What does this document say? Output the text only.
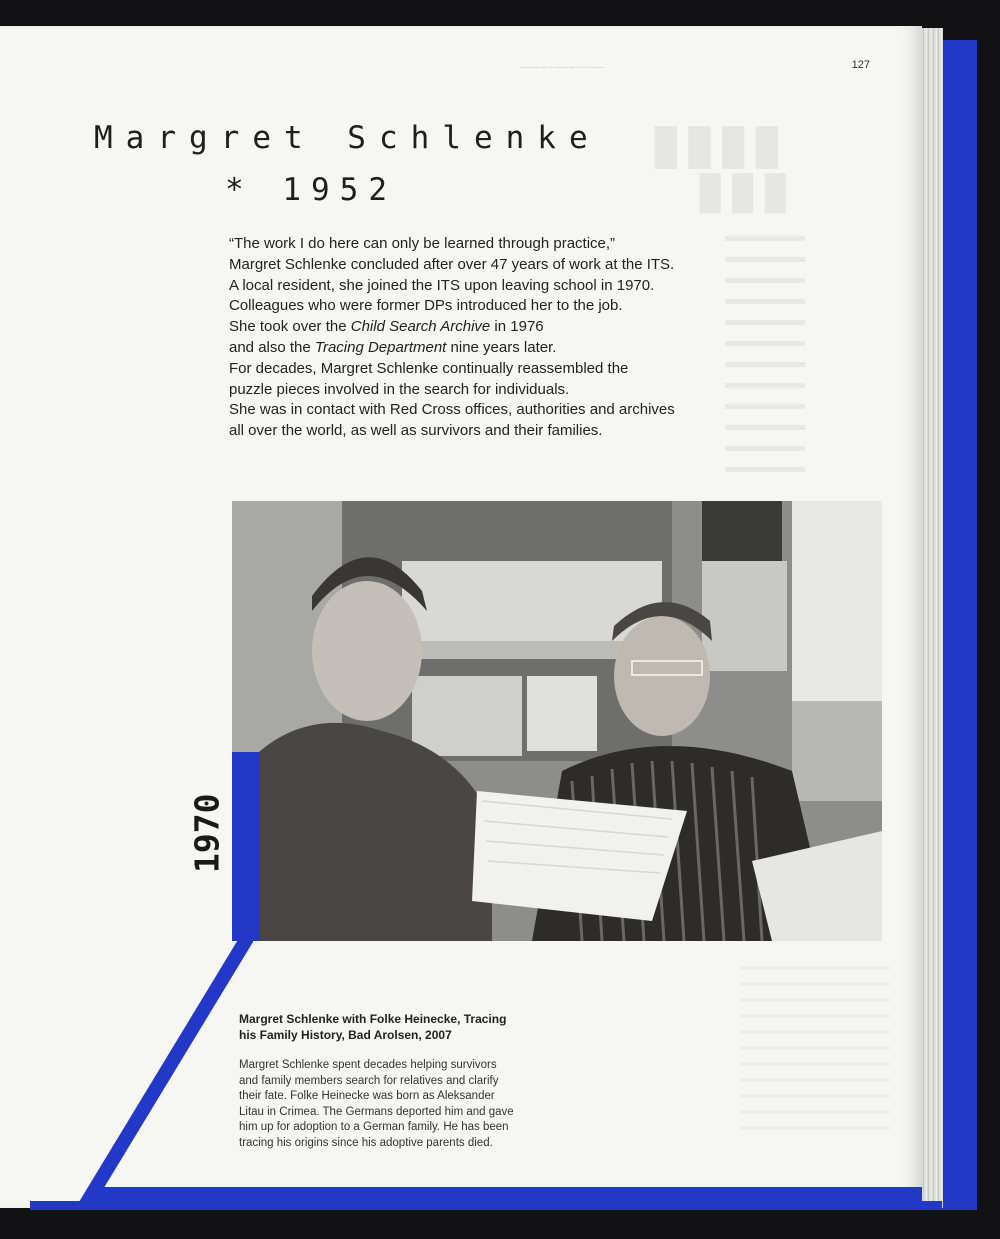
████
███
————————————	127
Margret Schlenke
* 1952

“The work I do here can only be learned through practice,”

Margret Schlenke concluded after over 47 years of work at the ITS.

A local resident, she joined the ITS upon leaving school in 1970.

Colleagues who were former DPs introduced her to the job.

She took over the Child Search Archive in 1976

and also the Tracing Department nine years later.

For decades, Margret Schlenke continually reassembled the

puzzle pieces involved in the search for individuals.

She was in contact with Red Cross offices, authorities and archives

all over the world, as well as survivors and their families.

1970

Margret Schlenke with Folke Heinecke, Tracing

his Family History, Bad Arolsen, 2007

Margret Schlenke spent decades helping survivors

and family members search for relatives and clarify

their fate. Folke Heinecke was born as Aleksander

Litau in Crimea. The Germans deported him and gave

him up for adoption to a German family. He has been

tracing his origins since his adoptive parents died.
